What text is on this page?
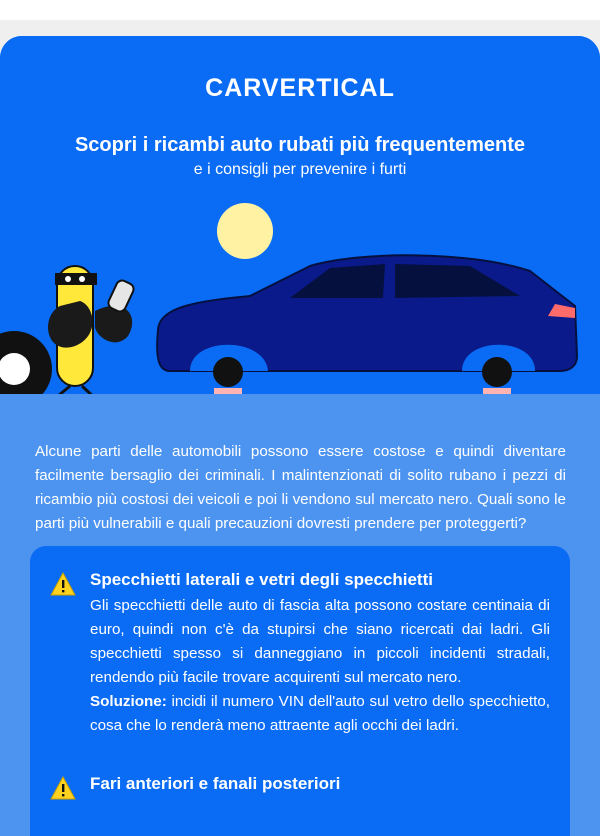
CARVERTICAL
Scopri i ricambi auto rubati più frequentemente
e i consigli per prevenire i furti
Alcune parti delle automobili possono essere costose e quindi diventare facilmente bersaglio dei criminali. I malintenzionati di solito rubano i pezzi di ricambio più costosi dei veicoli e poi li vendono sul mercato nero. Quali sono le parti più vulnerabili e quali precauzioni dovresti prendere per proteggerti?
Specchietti laterali e vetri degli specchietti

Gli specchietti delle auto di fascia alta possono costare centinaia di euro, quindi non c'è da stupirsi che siano ricercati dai ladri. Gli specchietti spesso si danneggiano in piccoli incidenti stradali, rendendo più facile trovare acquirenti sul mercato nero.

Soluzione: incidi il numero VIN dell'auto sul vetro dello specchietto, cosa che lo renderà meno attraente agli occhi dei ladri.

Fari anteriori e fanali posteriori
